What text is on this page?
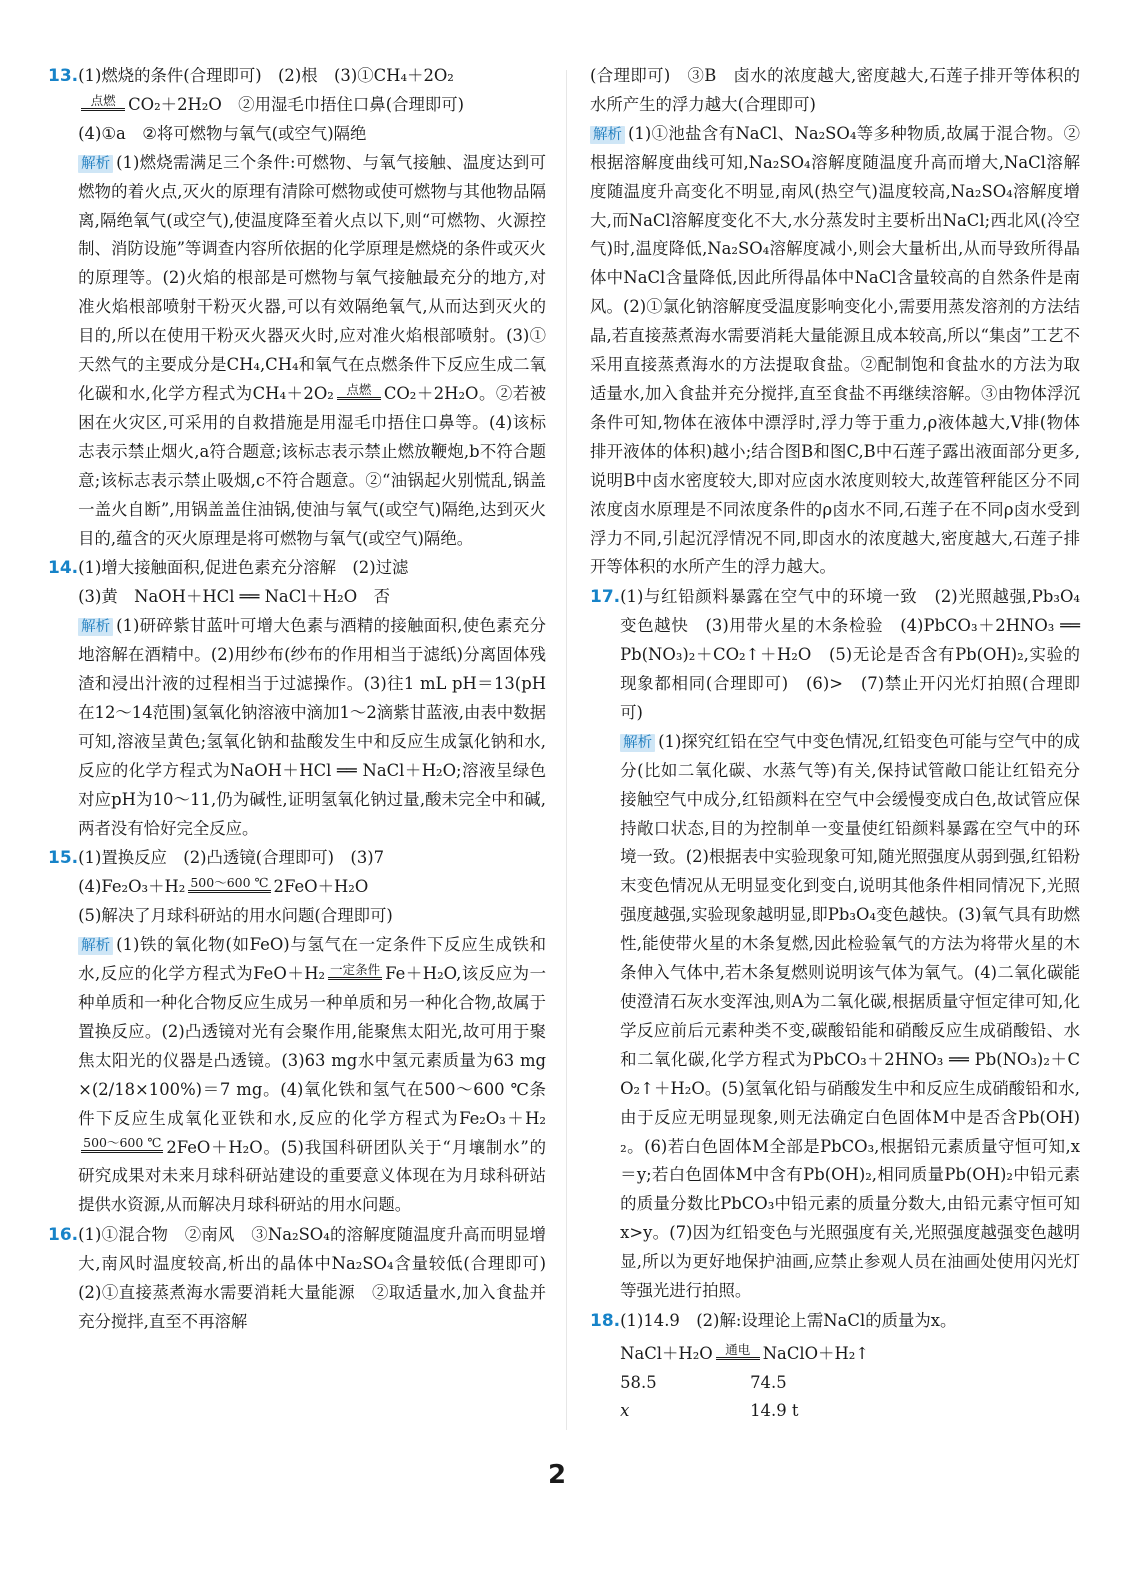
13. (1)燃烧的条件(合理即可)　(2)根　(3)①CH₄＋2O₂

点燃 CO₂＋2H₂O　②用湿毛巾捂住口鼻(合理即可)

(4)①a　②将可燃物与氧气(或空气)隔绝

解析 (1)燃烧需满足三个条件:可燃物、与氧气接触、温度达到可燃物的着火点,灭火的原理有清除可燃物或使可燃物与其他物品隔离,隔绝氧气(或空气),使温度降至着火点以下,则“可燃物、火源控制、消防设施”等调查内容所依据的化学原理是燃烧的条件或灭火的原理等。(2)火焰的根部是可燃物与氧气接触最充分的地方,对准火焰根部喷射干粉灭火器,可以有效隔绝氧气,从而达到灭火的目的,所以在使用干粉灭火器灭火时,应对准火焰根部喷射。(3)①天然气的主要成分是CH₄,CH₄和氧气在点燃条件下反应生成二氧化碳和水,化学方程式为CH₄＋2O₂ 点燃 CO₂＋2H₂O。②若被困在火灾区,可采用的自救措施是用湿毛巾捂住口鼻等。(4)该标志表示禁止烟火,a符合题意;该标志表示禁止燃放鞭炮,b不符合题意;该标志表示禁止吸烟,c不符合题意。②“油锅起火别慌乱,锅盖一盖火自断”,用锅盖盖住油锅,使油与氧气(或空气)隔绝,达到灭火目的,蕴含的灭火原理是将可燃物与氧气(或空气)隔绝。

14. (1)增大接触面积,促进色素充分溶解　(2)过滤

(3)黄　NaOH＋HCl ══ NaCl＋H₂O　否

解析 (1)研碎紫甘蓝叶可增大色素与酒精的接触面积,使色素充分地溶解在酒精中。(2)用纱布(纱布的作用相当于滤纸)分离固体残渣和浸出汁液的过程相当于过滤操作。(3)往1 mL pH＝13(pH在12～14范围)氢氧化钠溶液中滴加1～2滴紫甘蓝液,由表中数据可知,溶液呈黄色;氢氧化钠和盐酸发生中和反应生成氯化钠和水,反应的化学方程式为NaOH＋HCl ══ NaCl＋H₂O;溶液呈绿色对应pH为10～11,仍为碱性,证明氢氧化钠过量,酸未完全中和碱,两者没有恰好完全反应。

15. (1)置换反应　(2)凸透镜(合理即可)　(3)7

(4)Fe₂O₃＋H₂ 500～600 ℃ 2FeO＋H₂O

(5)解决了月球科研站的用水问题(合理即可)

解析 (1)铁的氧化物(如FeO)与氢气在一定条件下反应生成铁和水,反应的化学方程式为FeO＋H₂ 一定条件 Fe＋H₂O,该反应为一种单质和一种化合物反应生成另一种单质和另一种化合物,故属于置换反应。(2)凸透镜对光有会聚作用,能聚焦太阳光,故可用于聚焦太阳光的仪器是凸透镜。(3)63 mg水中氢元素质量为63 mg×(2/18×100%)＝7 mg。(4)氧化铁和氢气在500～600 ℃条件下反应生成氧化亚铁和水,反应的化学方程式为Fe₂O₃＋H₂
500～600 ℃ 2FeO＋H₂O。(5)我国科研团队关于“月壤制水”的研究成果对未来月球科研站建设的重要意义体现在为月球科研站提供水资源,从而解决月球科研站的用水问题。

16. (1)①混合物　②南风　③Na₂SO₄的溶解度随温度升高而明显增大,南风时温度较高,析出的晶体中Na₂SO₄含量较低(合理即可)　(2)①直接蒸煮海水需要消耗大量能源　②取适量水,加入食盐并充分搅拌,直至不再溶解

(合理即可)　③B　卤水的浓度越大,密度越大,石莲子排开等体积的水所产生的浮力越大(合理即可)

解析 (1)①池盐含有NaCl、Na₂SO₄等多种物质,故属于混合物。②根据溶解度曲线可知,Na₂SO₄溶解度随温度升高而增大,NaCl溶解度随温度升高变化不明显,南风(热空气)温度较高,Na₂SO₄溶解度增大,而NaCl溶解度变化不大,水分蒸发时主要析出NaCl;西北风(冷空气)时,温度降低,Na₂SO₄溶解度减小,则会大量析出,从而导致所得晶体中NaCl含量降低,因此所得晶体中NaCl含量较高的自然条件是南风。(2)①氯化钠溶解度受温度影响变化小,需要用蒸发溶剂的方法结晶,若直接蒸煮海水需要消耗大量能源且成本较高,所以“集卤”工艺不采用直接蒸煮海水的方法提取食盐。②配制饱和食盐水的方法为取适量水,加入食盐并充分搅拌,直至食盐不再继续溶解。③由物体浮沉条件可知,物体在液体中漂浮时,浮力等于重力,ρ液体越大,V排(物体排开液体的体积)越小;结合图B和图C,B中石莲子露出液面部分更多,说明B中卤水密度较大,即对应卤水浓度则较大,故莲管秤能区分不同浓度卤水原理是不同浓度条件的ρ卤水不同,石莲子在不同ρ卤水受到浮力不同,引起沉浮情况不同,即卤水的浓度越大,密度越大,石莲子排开等体积的水所产生的浮力越大。

17. (1)与红铅颜料暴露在空气中的环境一致　(2)光照越强,Pb₃O₄变色越快　(3)用带火星的木条检验　(4)PbCO₃＋2HNO₃ ══ Pb(NO₃)₂＋CO₂↑＋H₂O　(5)无论是否含有Pb(OH)₂,实验的现象都相同(合理即可)　(6)>　(7)禁止开闪光灯拍照(合理即可)

解析 (1)探究红铅在空气中变色情况,红铅变色可能与空气中的成分(比如二氧化碳、水蒸气等)有关,保持试管敞口能让红铅充分接触空气中成分,红铅颜料在空气中会缓慢变成白色,故试管应保持敞口状态,目的为控制单一变量使红铅颜料暴露在空气中的环境一致。(2)根据表中实验现象可知,随光照强度从弱到强,红铅粉末变色情况从无明显变化到变白,说明其他条件相同情况下,光照强度越强,实验现象越明显,即Pb₃O₄变色越快。(3)氧气具有助燃性,能使带火星的木条复燃,因此检验氧气的方法为将带火星的木条伸入气体中,若木条复燃则说明该气体为氧气。(4)二氧化碳能使澄清石灰水变浑浊,则A为二氧化碳,根据质量守恒定律可知,化学反应前后元素种类不变,碳酸铅能和硝酸反应生成硝酸铅、水和二氧化碳,化学方程式为PbCO₃＋2HNO₃ ══ Pb(NO₃)₂＋CO₂↑＋H₂O。(5)氢氧化铅与硝酸发生中和反应生成硝酸铅和水,由于反应无明显现象,则无法确定白色固体M中是否含Pb(OH)₂。(6)若白色固体M全部是PbCO₃,根据铅元素质量守恒可知,x＝y;若白色固体M中含有Pb(OH)₂,相同质量Pb(OH)₂中铅元素的质量分数比PbCO₃中铅元素的质量分数大,由铅元素守恒可知x>y。(7)因为红铅变色与光照强度有关,光照强度越强变色越明显,所以为更好地保护油画,应禁止参观人员在油画处使用闪光灯等强光进行拍照。

18. (1)14.9　(2)解:设理论上需NaCl的质量为x。

NaCl＋H₂O 通电 NaClO＋H₂↑
58.5	74.5
x	14.9 t
2
